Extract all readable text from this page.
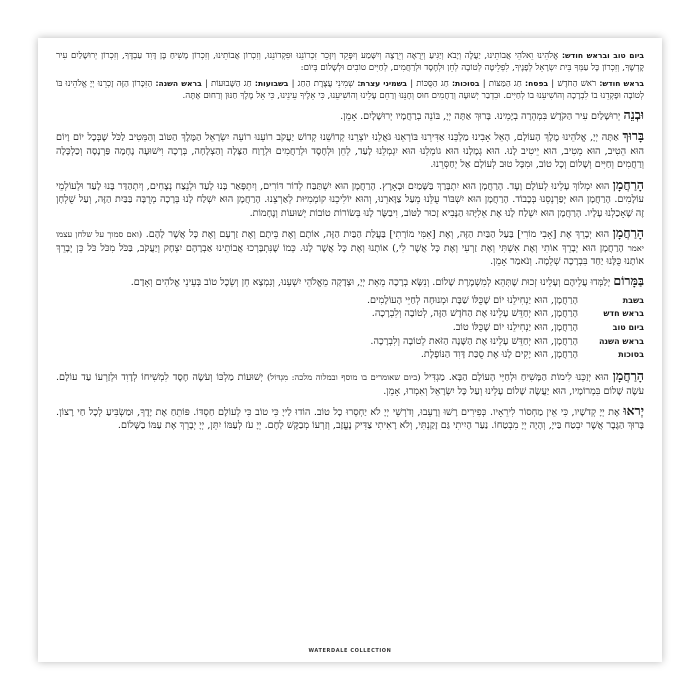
ביום טוב ובראש חודש: אֱלֹהֵינוּ וֵאלֹהֵי אֲבוֹתֵינוּ, יַעֲלֶה וְיָבֹא וְיַגִּיעַ וְיֵרָאֶה וְיֵרָצֶה וְיִשָּׁמַע וְיִפָּקֵד וְיִזָּכֵר זִכְרוֹנֵנוּ וּפִקְדוֹנֵנוּ, וְזִכְרוֹן אֲבוֹתֵינוּ, וְזִכְרוֹן מָשִׁיחַ בֶּן דָּוִד עַבְדֶּךָ, וְזִכְרוֹן יְרוּשָׁלַיִם עִיר קָדְשֶׁךָ, וְזִכְרוֹן כָּל עַמְּךָ בֵּית יִשְׂרָאֵל לְפָנֶיךָ, לִפְלֵיטָה לְטוֹבָה לְחֵן וּלְחֶסֶד וּלְרַחֲמִים, לְחַיִּים טוֹבִים וּלְשָׁלוֹם בְּיוֹם:

בראש חודש: רֹאשׁ הַחֹדֶשׁ | בפסח: חַג הַמַּצּוֹת | בסוכות: חַג הַסֻּכּוֹת | בשמיני עצרת: שְׁמִינִי עֲצֶרֶת הַחַג | בשבועות: חַג הַשָּׁבוּעוֹת | בראש השנה: הַזִּכָּרוֹן הַזֶּה זָכְרֵנוּ יְיָ אֱלֹהֵינוּ בּוֹ לְטוֹבָה וּפָקְדֵנוּ בוֹ לִבְרָכָה וְהוֹשִׁיעֵנוּ בוֹ לְחַיִּים. וּבִדְבַר יְשׁוּעָה וְרַחֲמִים חוּס וְחָנֵּנוּ וְרַחֵם עָלֵינוּ וְהוֹשִׁיעֵנוּ, כִּי אֵלֶיךָ עֵינֵינוּ, כִּי אֵל מֶלֶךְ חַנּוּן וְרַחוּם אָתָּה.

וּבְנֵה יְרוּשָׁלַיִם עִיר הַקֹּדֶשׁ בִּמְהֵרָה בְיָמֵינוּ. בָּרוּךְ אַתָּה יְיָ, בּוֹנֵה בְרַחֲמָיו יְרוּשָׁלָיִם. אָמֵן.

בָּרוּךְ אַתָּה יְיָ, אֱלֹהֵינוּ מֶלֶךְ הָעוֹלָם, הָאֵל אָבִינוּ מַלְכֵּנוּ אַדִּירֵנוּ בּוֹרְאֵנוּ גֹּאֲלֵנוּ יוֹצְרֵנוּ קְדוֹשֵׁנוּ קְדוֹשׁ יַעֲקֹב רוֹעֵנוּ רוֹעֵה יִשְׂרָאֵל הַמֶּלֶךְ הַטּוֹב וְהַמֵּטִיב לַכֹּל שֶׁבְּכָל יוֹם וָיוֹם הוּא הֵטִיב, הוּא מֵטִיב, הוּא יֵיטִיב לָנוּ. הוּא גְמָלָנוּ הוּא גוֹמְלֵנוּ הוּא יִגְמְלֵנוּ לָעַד, לְחֵן וּלְחֶסֶד וּלְרַחֲמִים וּלְרֶוַח הַצָּלָה וְהַצְלָחָה, בְּרָכָה וִישׁוּעָה נֶחָמָה פַּרְנָסָה וְכַלְכָּלָה וְרַחֲמִים וְחַיִּים וְשָׁלוֹם וְכָל טוֹב, וּמִכָּל טוּב לְעוֹלָם אַל יְחַסְּרֵנוּ.

הָרַחֲמָן הוּא יִמְלוֹךְ עָלֵינוּ לְעוֹלָם וָעֶד. הָרַחֲמָן הוּא יִתְבָּרַךְ בַּשָּׁמַיִם וּבָאָרֶץ. הָרַחֲמָן הוּא יִשְׁתַּבַּח לְדוֹר דּוֹרִים, וְיִתְפָּאַר בָּנוּ לָעַד וּלְנֵצַח נְצָחִים, וְיִתְהַדַּר בָּנוּ לָעַד וּלְעוֹלְמֵי עוֹלָמִים. הָרַחֲמָן הוּא יְפַרְנְסֵנוּ בְּכָבוֹד. הָרַחֲמָן הוּא יִשְׁבּוֹר עֻלֵּנוּ מֵעַל צַוָּארֵנוּ, וְהוּא יוֹלִיכֵנוּ קוֹמְמִיּוּת לְאַרְצֵנוּ. הָרַחֲמָן הוּא יִשְׁלַח לָנוּ בְּרָכָה מְרֻבָּה בַּבַּיִת הַזֶּה, וְעַל שֻׁלְחָן זֶה שֶׁאָכַלְנוּ עָלָיו. הָרַחֲמָן הוּא יִשְׁלַח לָנוּ אֶת אֵלִיָּהוּ הַנָּבִיא זָכוּר לַטּוֹב, וִיבַשֶּׂר לָנוּ בְּשׂוֹרוֹת טוֹבוֹת יְשׁוּעוֹת וְנֶחָמוֹת.

הָרַחֲמָן הוּא יְבָרֵךְ אֶת [אָבִי מוֹרִי] בַּעַל הַבַּיִת הַזֶּה, וְאֶת [אִמִּי מוֹרָתִי] בַּעֲלַת הַבַּיִת הַזֶּה, אוֹתָם וְאֶת בֵּיתָם וְאֶת זַרְעָם וְאֶת כָּל אֲשֶׁר לָהֶם. (ואם סמוך על שלחן עצמו יאמר הָרַחֲמָן הוּא יְבָרֵךְ אוֹתִי וְאֶת אִשְׁתִּי וְאֶת זַרְעִי וְאֶת כָּל אֲשֶׁר לִי,) אוֹתָנוּ וְאֶת כָּל אֲשֶׁר לָנוּ. כְּמוֹ שֶׁנִּתְבָּרְכוּ אֲבוֹתֵינוּ אַבְרָהָם יִצְחָק וְיַעֲקֹב, בַּכֹּל מִכֹּל כֹּל כֵּן יְבָרֵךְ אוֹתָנוּ כֻּלָּנוּ יַחַד בִּבְרָכָה שְׁלֵמָה. וְנֹאמַר אָמֵן.

בַּמָּרוֹם יְלַמְּדוּ עֲלֵיהֶם וְעָלֵינוּ זְכוּת שֶׁתְּהֵא לְמִשְׁמֶרֶת שָׁלוֹם. וְנִשָּׂא בְרָכָה מֵאֵת יְיָ, וּצְדָקָה מֵאֱלֹהֵי יִשְׁעֵנוּ, וְנִמְצָא חֵן וְשֵׂכֶל טוֹב בְּעֵינֵי אֱלֹהִים וְאָדָם.

בשבת
הָרַחֲמָן, הוּא יַנְחִילֵנוּ יוֹם שֶׁכֻּלּוֹ שַׁבָּת וּמְנוּחָה לְחַיֵּי הָעוֹלָמִים.
בראש חדש
הָרַחֲמָן, הוּא יְחַדֵּשׁ עָלֵינוּ אֶת הַחֹדֶשׁ הַזֶּה, לְטוֹבָה וְלִבְרָכָה.
ביום טוב
הָרַחֲמָן, הוּא יַנְחִילֵנוּ יוֹם שֶׁכֻּלּוֹ טוֹב.
בראש השנה
הָרַחֲמָן, הוּא יְחַדֵּשׁ עָלֵינוּ אֶת הַשָּׁנָה הַזֹּאת לְטוֹבָה וְלִבְרָכָה.
בסוכות
הָרַחֲמָן, הוּא יָקִים לָנוּ אֶת סֻכַּת דָּוִד הַנּוֹפָלֶת.

הָרַחֲמָן הוּא יְזַכֵּנוּ לִימוֹת הַמָּשִׁיחַ וּלְחַיֵּי הָעוֹלָם הַבָּא. מַגְדִּיל (ביום שאומרים בו מוסף ובמלוה מלכה: מִגְדּוֹל) יְשׁוּעוֹת מַלְכּוֹ וְעֹשֶׂה חֶסֶד לִמְשִׁיחוֹ לְדָוִד וּלְזַרְעוֹ עַד עוֹלָם. עֹשֶׂה שָׁלוֹם בִּמְרוֹמָיו, הוּא יַעֲשֶׂה שָׁלוֹם עָלֵינוּ וְעַל כָּל יִשְׂרָאֵל וְאִמְרוּ, אָמֵן.

יְראוּ אֶת יְיָ קְדֹשָׁיו, כִּי אֵין מַחְסוֹר לִירֵאָיו. כְּפִירִים רָשׁוּ וְרָעֵבוּ, וְדֹרְשֵׁי יְיָ לֹא יַחְסְרוּ כָל טוֹב. הוֹדוּ לַייָ כִּי טוֹב כִּי לְעוֹלָם חַסְדּוֹ. פּוֹתֵחַ אֶת יָדֶךָ, וּמַשְׂבִּיעַ לְכָל חַי רָצוֹן. בָּרוּךְ הַגֶּבֶר אֲשֶׁר יִבְטַח בַּייָ, וְהָיָה יְיָ מִבְטַחוֹ. נַעַר הָיִיתִי גַּם זָקַנְתִּי, וְלֹא רָאִיתִי צַדִּיק נֶעֱזָב, וְזַרְעוֹ מְבַקֶּשׁ לָחֶם. יְיָ עֹז לְעַמּוֹ יִתֵּן, יְיָ יְבָרֵךְ אֶת עַמּוֹ בַשָּׁלוֹם.

WATERDALE COLLECTION
